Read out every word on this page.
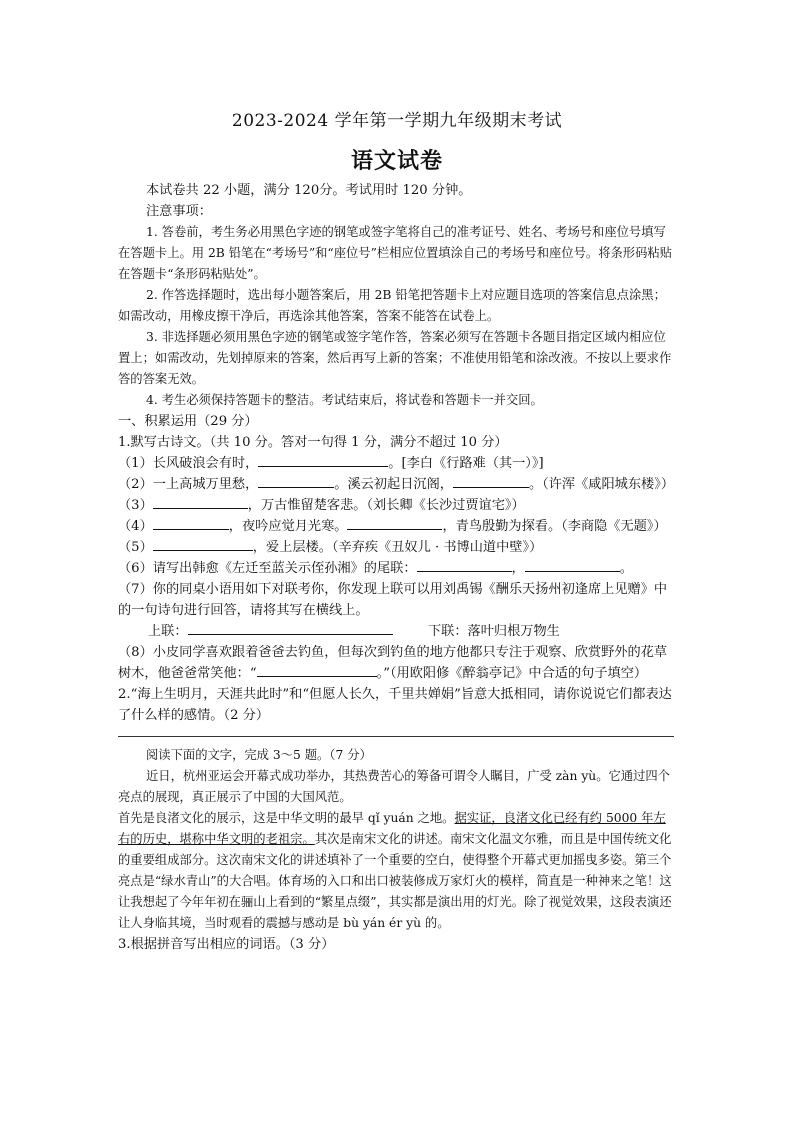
2023-2024 学年第一学期九年级期末考试
语文试卷

本试卷共 22 小题，满分 120分。考试用时 120 分钟。

注意事项：

1. 答卷前，考生务必用黑色字迹的钢笔或签字笔将自己的准考证号、姓名、考场号和座位号填写在答题卡上。用 2B 铅笔在“考场号”和“座位号”栏相应位置填涂自己的考场号和座位号。将条形码粘贴在答题卡“条形码粘贴处”。

2. 作答选择题时，选出每小题答案后，用 2B 铅笔把答题卡上对应题目选项的答案信息点涂黑；如需改动，用橡皮擦干净后，再选涂其他答案，答案不能答在试卷上。

3. 非选择题必须用黑色字迹的钢笔或签字笔作答，答案必须写在答题卡各题目指定区域内相应位置上；如需改动，先划掉原来的答案，然后再写上新的答案；不准使用铅笔和涂改液。不按以上要求作答的答案无效。

4. 考生必须保持答题卡的整洁。考试结束后，将试卷和答题卡一并交回。

一、积累运用（29 分）

1.默写古诗文。（共 10 分。答对一句得 1 分，满分不超过 10 分）

（1）长风破浪会有时，	。[李白《行路难（其一）》]

（2）一上高城万里愁，	。溪云初起日沉阁，	。（许浑《咸阳城东楼》）

（3）	，万古惟留楚客悲。（刘长卿《长沙过贾谊宅》）

（4）	，夜吟应觉月光寒。	，青鸟殷勤为探看。（李商隐《无题》）

（5）	，爱上层楼。（辛弃疾《丑奴儿 · 书博山道中壁》）

（6）请写出韩愈《左迁至蓝关示侄孙湘》的尾联：	，	。

（7）你的同桌小语用如下对联考你，你发现上联可以用刘禹锡《酬乐天扬州初逢席上见赠》中的一句诗句进行回答，请将其写在横线上。

上联：	下联：落叶归根万物生

（8）小皮同学喜欢跟着爸爸去钓鱼，但每次到钓鱼的地方他都只专注于观察、欣赏野外的花草树木，他爸爸常笑他：“	。”（用欧阳修《醉翁亭记》中合适的句子填空）

2.“海上生明月，天涯共此时”和“但愿人长久，千里共婵娟”旨意大抵相同，请你说说它们都表达了什么样的感情。（2 分）

阅读下面的文字，完成 3～5 题。（7 分）

近日，杭州亚运会开幕式成功举办，其热费苦心的筹备可谓令人瞩目，广受 zàn yù。它通过四个亮点的展现，真正展示了中国的大国风范。

首先是良渚文化的展示，这是中华文明的最早 qǐ yuán 之地。据实证，良渚文化已经有约 5000 年左右的历史，堪称中华文明的老祖宗。其次是南宋文化的讲述。南宋文化温文尔雅，而且是中国传统文化的重要组成部分。这次南宋文化的讲述填补了一个重要的空白，使得整个开幕式更加摇曳多姿。第三个亮点是“绿水青山”的大合唱。体育场的入口和出口被装修成万家灯火的模样，简直是一种神来之笔！这让我想起了今年年初在骊山上看到的“繁星点缀”，其实都是演出用的灯光。除了视觉效果，这段表演还让人身临其境，当时观看的震撼与感动是 bù yán ér yù 的。

3.根据拼音写出相应的词语。（3 分）
